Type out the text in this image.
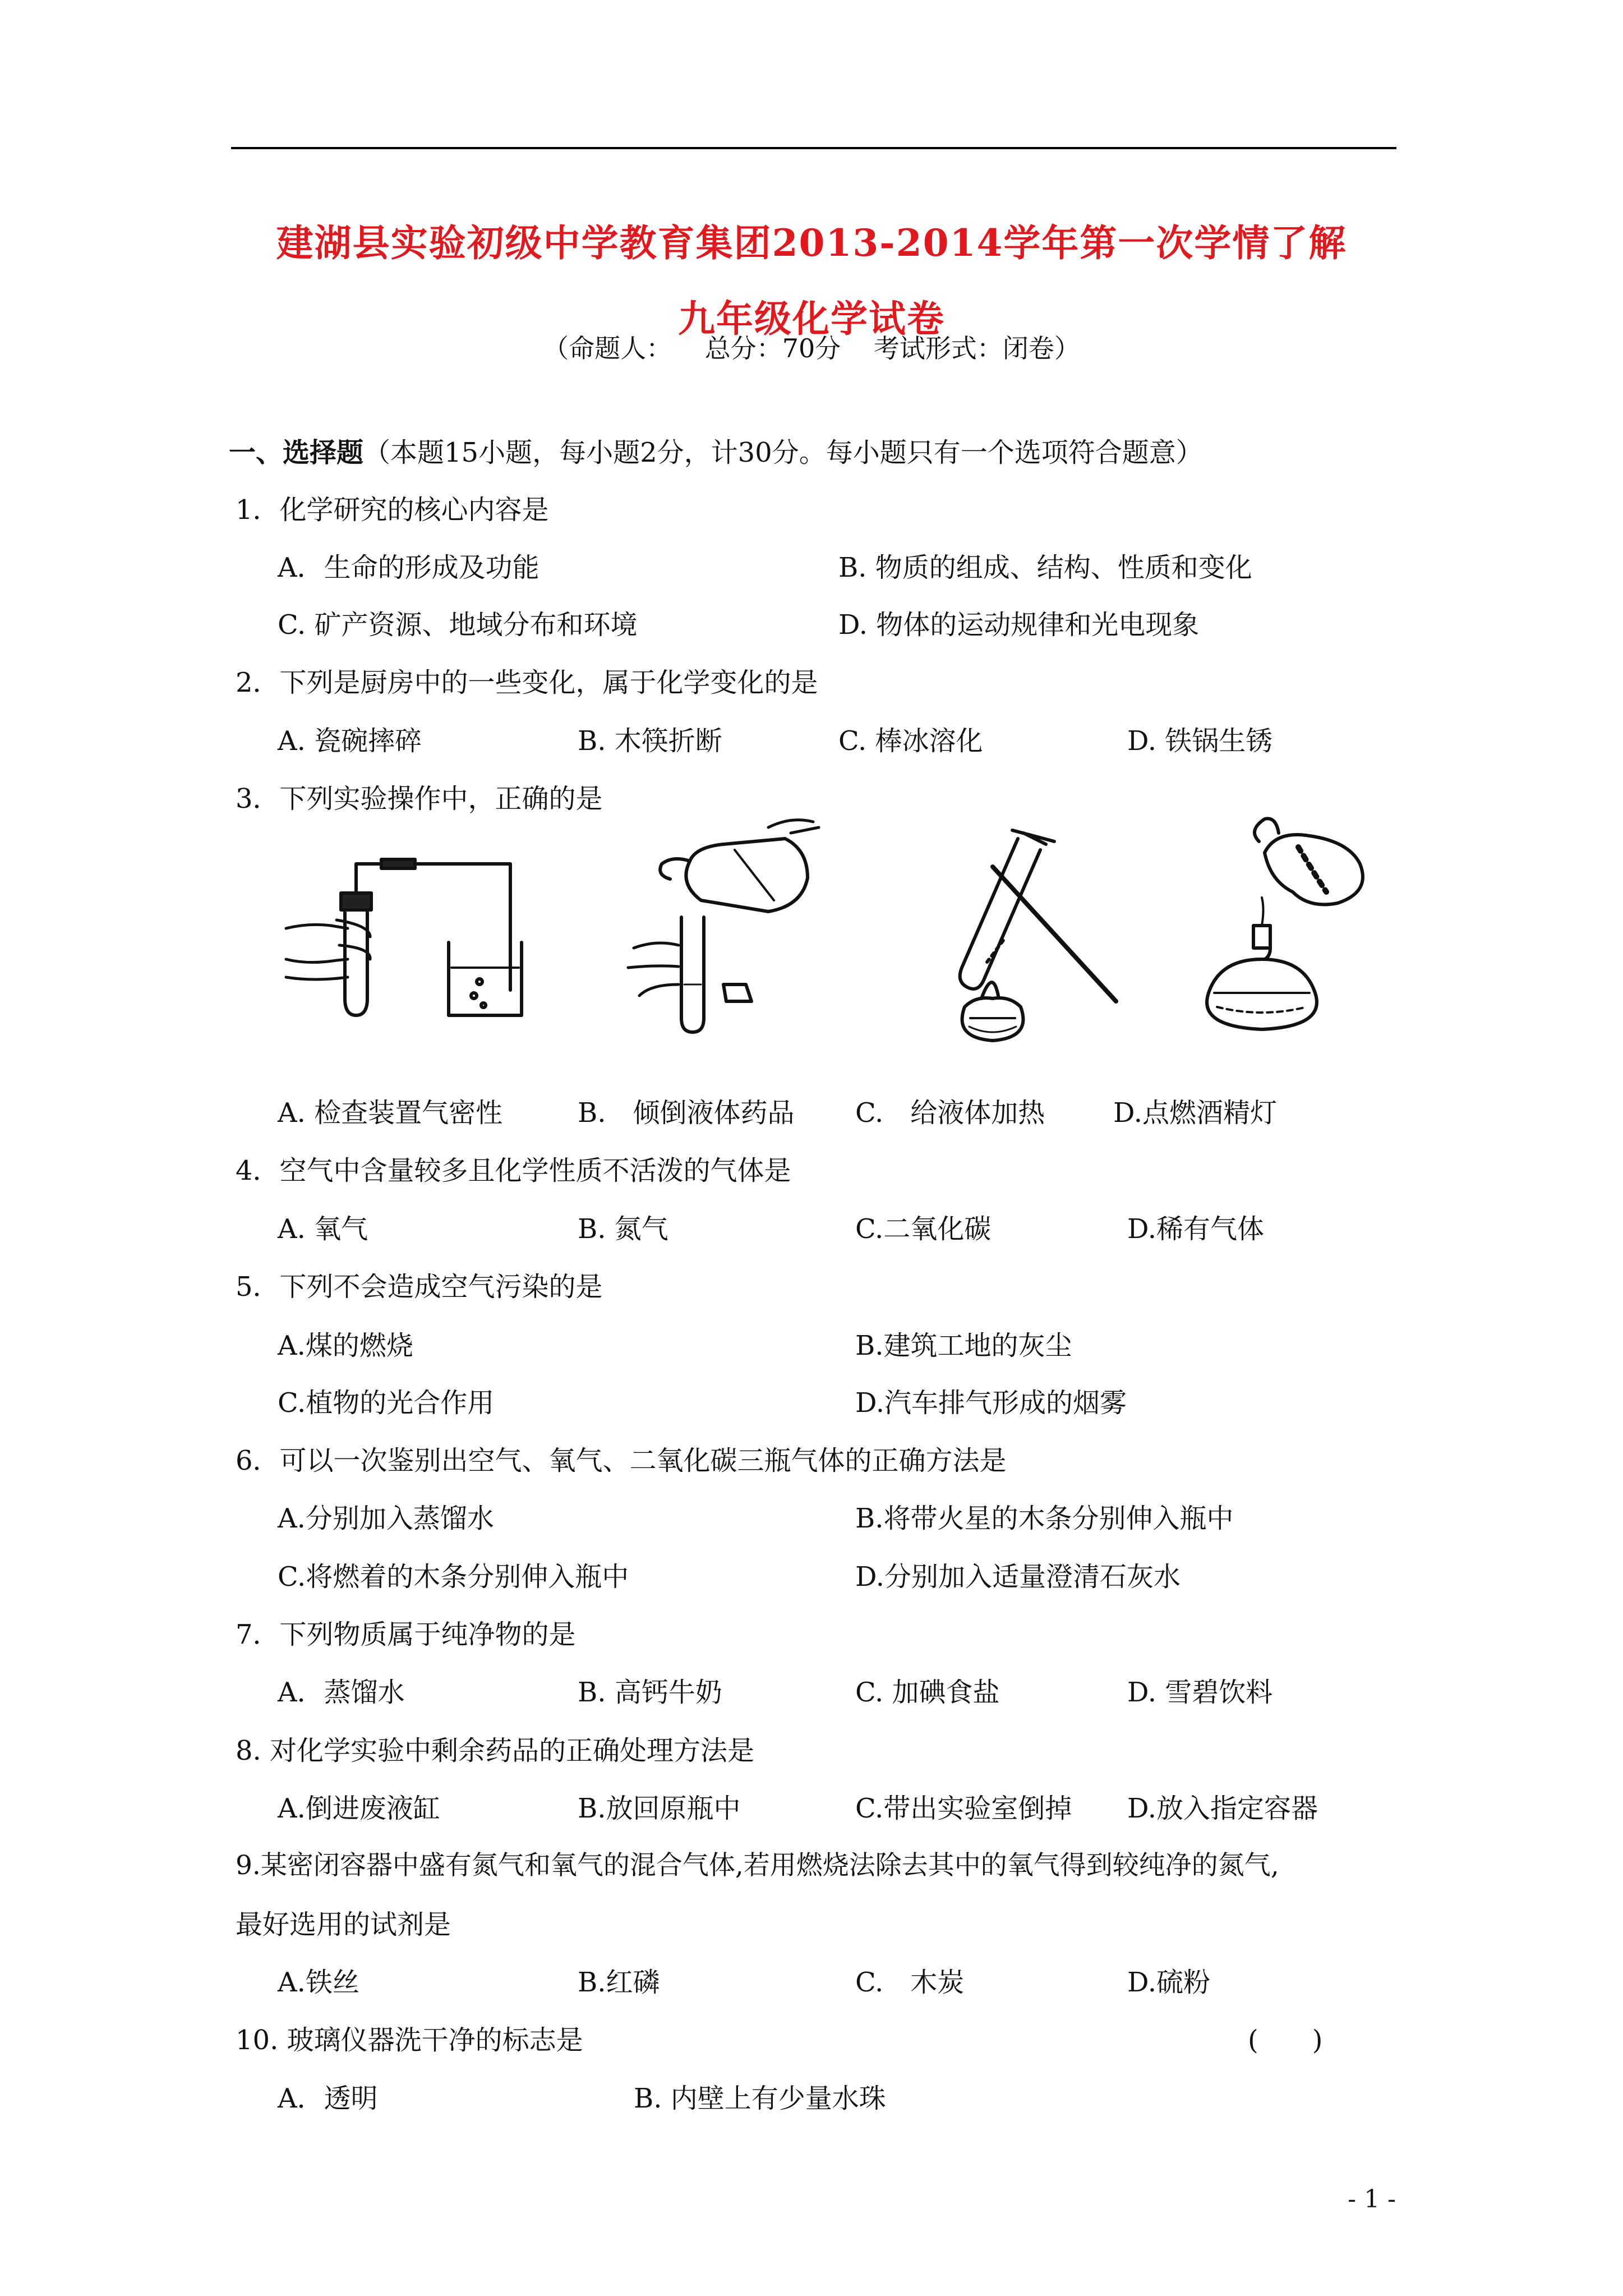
建湖县实验初级中学教育集团2013-2014学年第一次学情了解
九年级化学试卷
（命题人： 总分：70分 考试形式：闭卷）
一、选择题（本题15小题，每小题2分，计30分。每小题只有一个选项符合题意）
1．化学研究的核心内容是
A．生命的形成及功能	B. 物质的组成、结构、性质和变化
C. 矿产资源、地域分布和环境	D. 物体的运动规律和光电现象
2．下列是厨房中的一些变化，属于化学变化的是
A. 瓷碗摔碎	B. 木筷折断	C. 棒冰溶化	D. 铁锅生锈
3．下列实验操作中，正确的是
A. 检查装置气密性	B.　倾倒液体药品 C.　给液体加热	D.点燃酒精灯
4．空气中含量较多且化学性质不活泼的气体是
A. 氧气	B. 氮气	C.二氧化碳	D.稀有气体
5．下列不会造成空气污染的是
A.煤的燃烧	B.建筑工地的灰尘
C.植物的光合作用	D.汽车排气形成的烟雾
6．可以一次鉴别出空气、氧气、二氧化碳三瓶气体的正确方法是
A.分别加入蒸馏水	B.将带火星的木条分别伸入瓶中
C.将燃着的木条分别伸入瓶中	D.分别加入适量澄清石灰水
7．下列物质属于纯净物的是
A．蒸馏水	B. 高钙牛奶	C. 加碘食盐	D. 雪碧饮料
8. 对化学实验中剩余药品的正确处理方法是
A.倒进废液缸	B.放回原瓶中	C.带出实验室倒掉 D.放入指定容器
9.某密闭容器中盛有氮气和氧气的混合气体,若用燃烧法除去其中的氧气得到较纯净的氮气,
最好选用的试剂是
A.铁丝	B.红磷	C.　木炭	D.硫粉
10. 玻璃仪器洗干净的标志是	(　　)
A．透明	B. 内壁上有少量水珠
- 1 -
